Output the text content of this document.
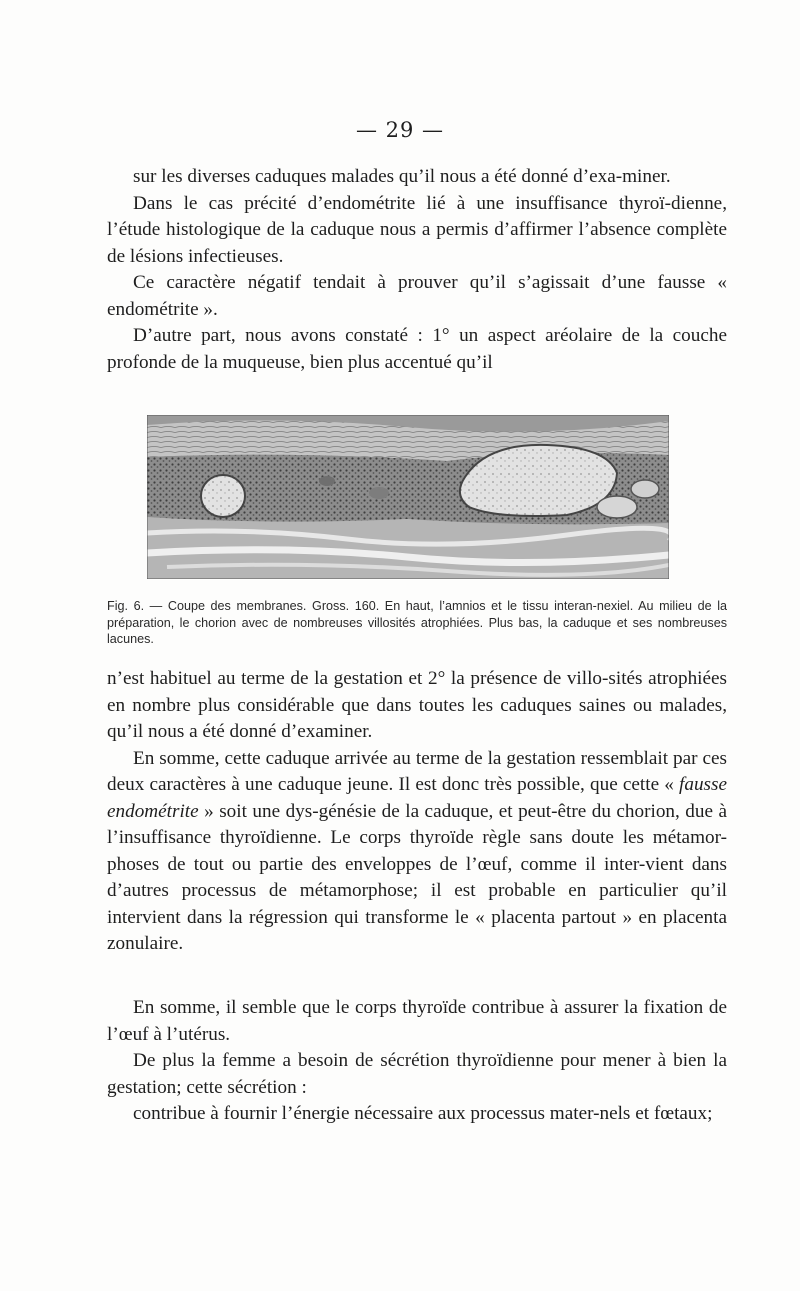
— 29 —

sur les diverses caduques malades qu’il nous a été donné d’exa-miner.

Dans le cas précité d’endométrite lié à une insuffisance thyroï-dienne, l’étude histologique de la caduque nous a permis d’affirmer l’absence complète de lésions infectieuses.

Ce caractère négatif tendait à prouver qu’il s’agissait d’une fausse « endométrite ».

D’autre part, nous avons constaté : 1° un aspect aréolaire de la couche profonde de la muqueuse, bien plus accentué qu’il

Fig. 6. — Coupe des membranes. Gross. 160. En haut, l’amnios et le tissu interan-nexiel. Au milieu de la préparation, le chorion avec de nombreuses villosités atrophiées. Plus bas, la caduque et ses nombreuses lacunes.

n’est habituel au terme de la gestation et 2° la présence de villo-sités atrophiées en nombre plus considérable que dans toutes les caduques saines ou malades, qu’il nous a été donné d’examiner.

En somme, cette caduque arrivée au terme de la gestation ressemblait par ces deux caractères à une caduque jeune. Il est donc très possible, que cette « fausse endométrite » soit une dys-génésie de la caduque, et peut-être du chorion, due à l’insuffisance thyroïdienne. Le corps thyroïde règle sans doute les métamor-phoses de tout ou partie des enveloppes de l’œuf, comme il inter-vient dans d’autres processus de métamorphose; il est probable en particulier qu’il intervient dans la régression qui transforme le « placenta partout » en placenta zonulaire.

En somme, il semble que le corps thyroïde contribue à assurer la fixation de l’œuf à l’utérus.

De plus la femme a besoin de sécrétion thyroïdienne pour mener à bien la gestation; cette sécrétion :

contribue à fournir l’énergie nécessaire aux processus mater-nels et fœtaux;
